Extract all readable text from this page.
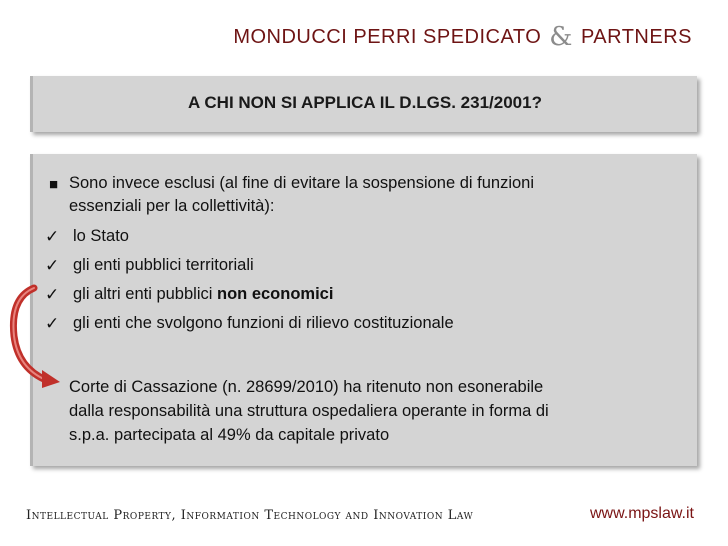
MONDUCCI PERRI SPEDICATO & PARTNERS
A CHI NON SI APPLICA IL D.LGS. 231/2001?
■ Sono invece esclusi (al fine di evitare la sospensione di funzioni
essenziali per la collettività):
✓ lo Stato
✓ gli enti pubblici territoriali
✓ gli altri enti pubblici non economici
✓ gli enti che svolgono funzioni di rilievo costituzionale
Corte di Cassazione (n. 28699/2010) ha ritenuto non esonerabile
dalla responsabilità una struttura ospedaliera operante in forma di
s.p.a. partecipata al 49% da capitale privato
Intellectual Property, Information Technology and Innovation Law	www.mpslaw.it
